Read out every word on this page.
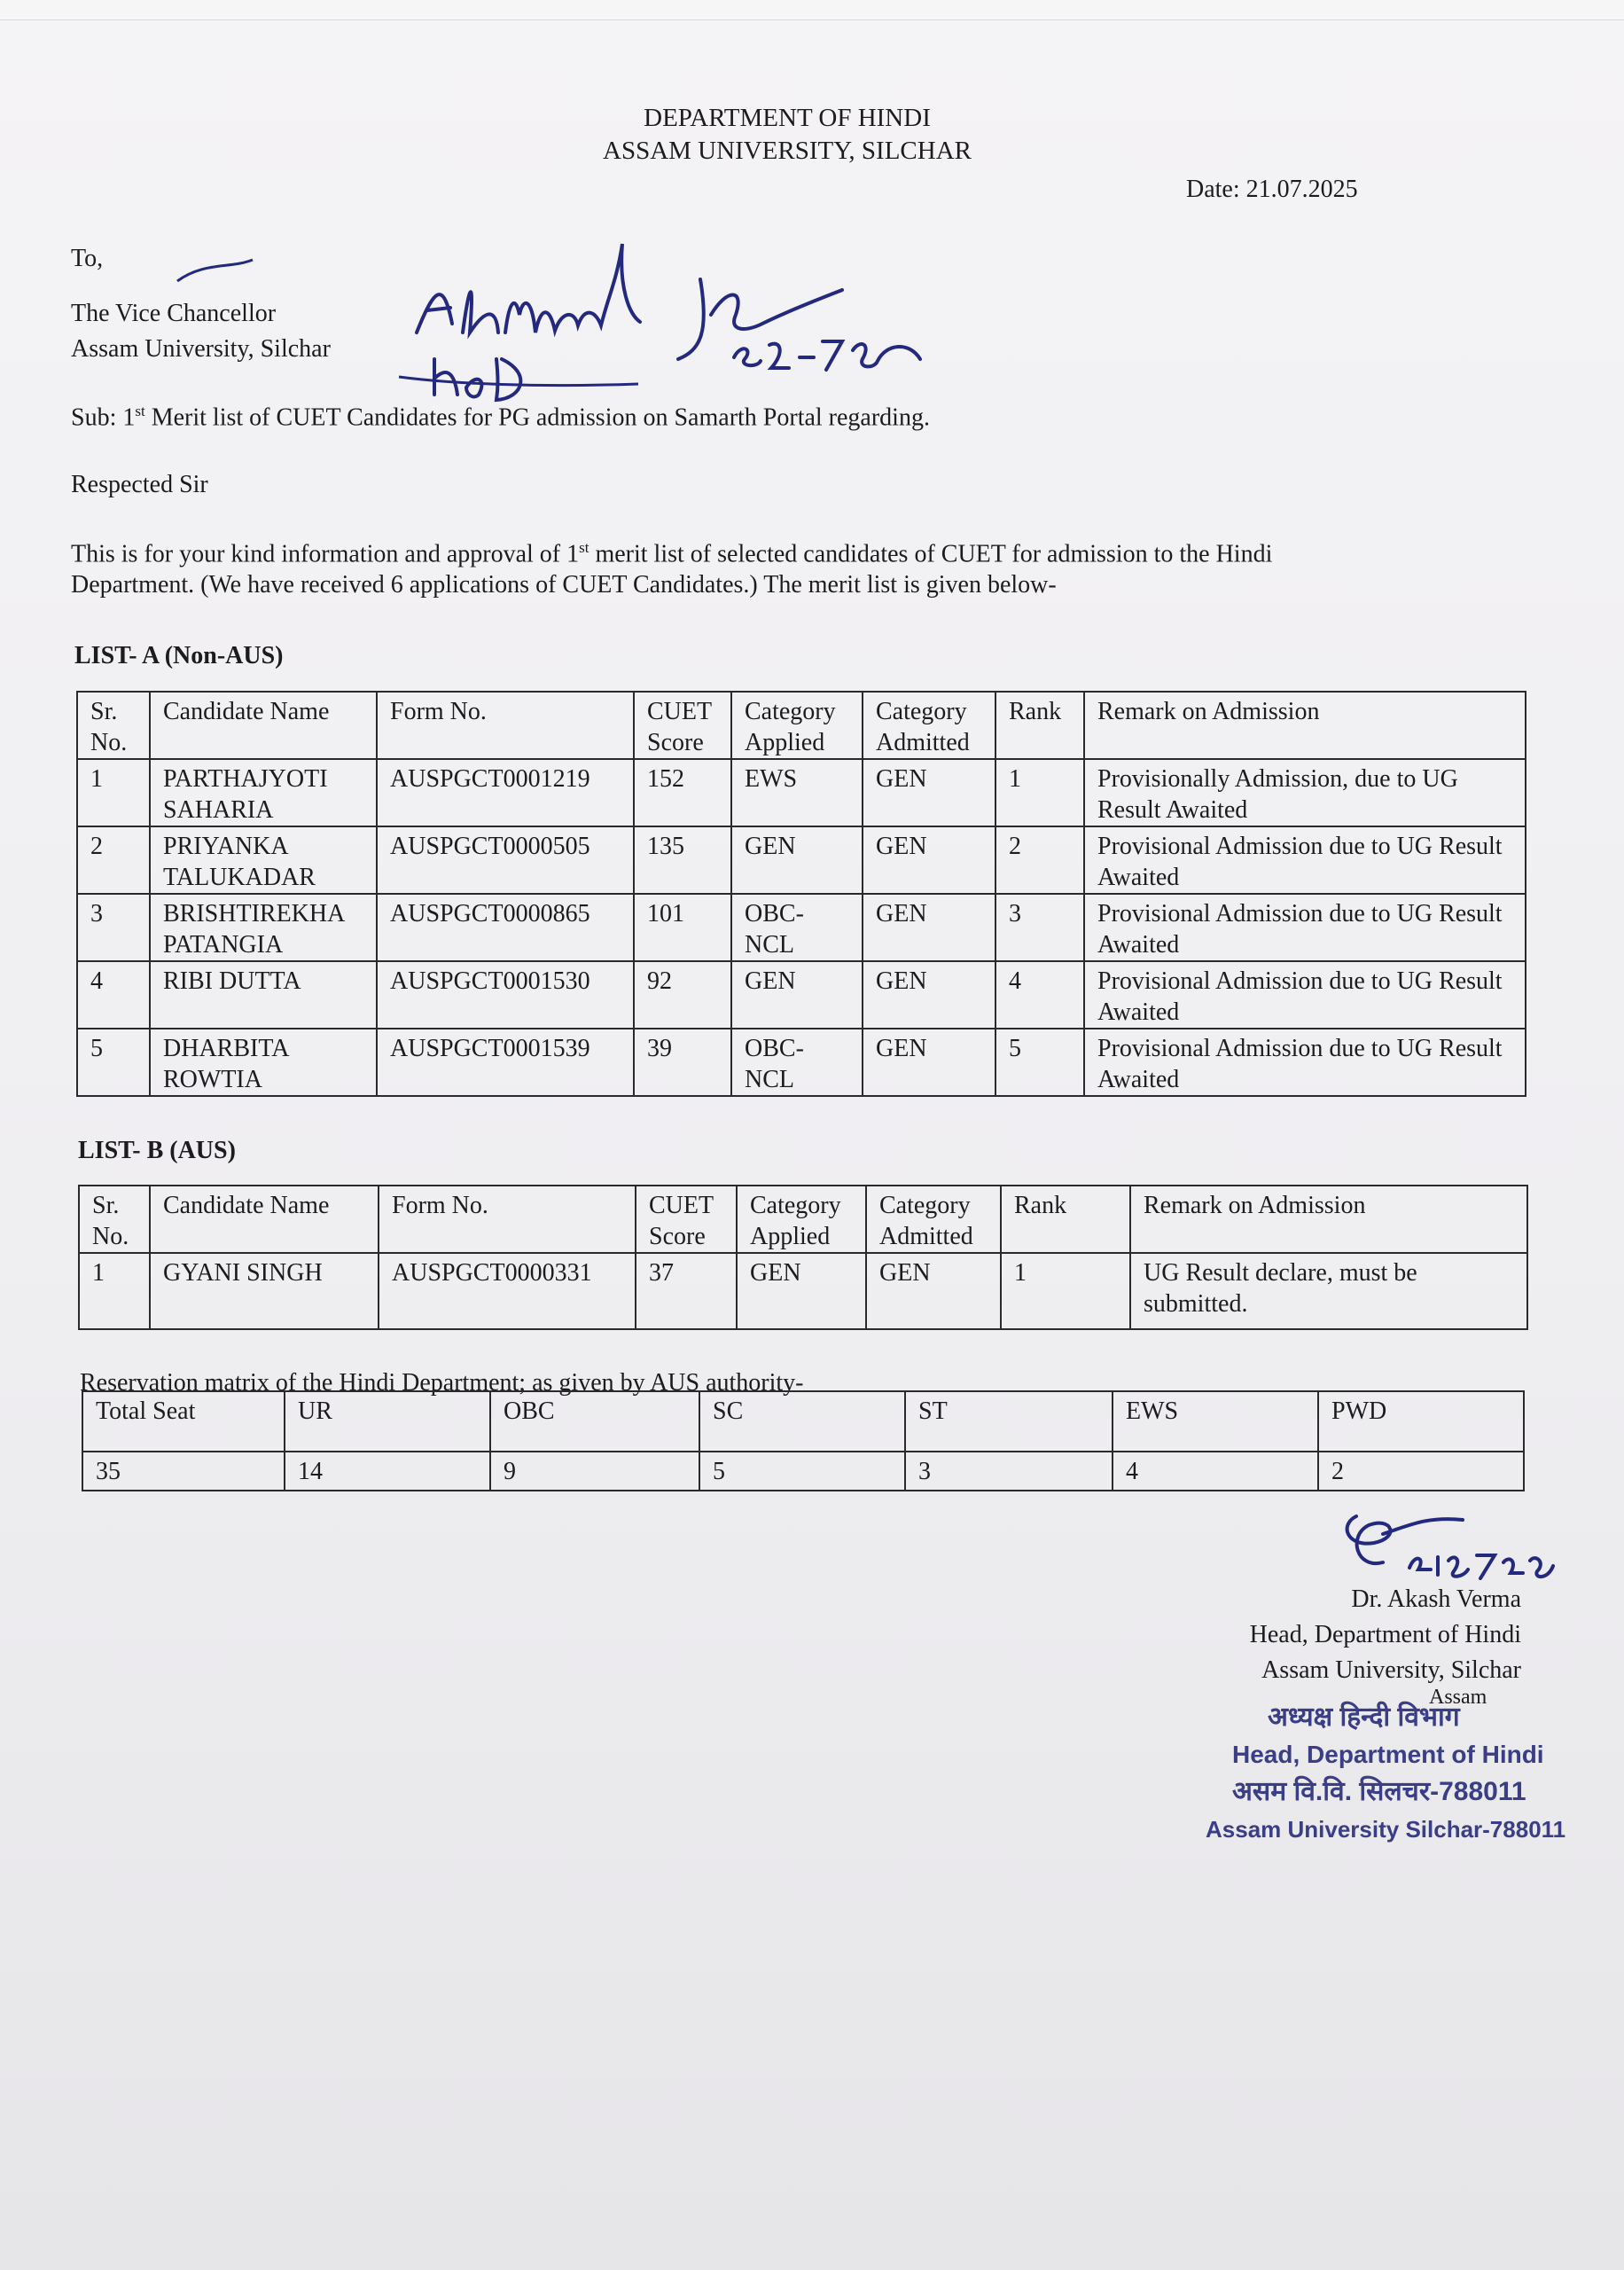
DEPARTMENT OF HINDI
ASSAM UNIVERSITY, SILCHAR
Date: 21.07.2025
To,
The Vice Chancellor
Assam University, Silchar
Sub: 1st Merit list of CUET Candidates for PG admission on Samarth Portal regarding.
Respected Sir
This is for your kind information and approval of 1st merit list of selected candidates of CUET for admission to the Hindi
Department. (We have received 6 applications of CUET Candidates.) The merit list is given below-
LIST- A (Non-AUS)
Sr. No.	Candidate Name	Form No.	CUET Score	Category Applied	Category Admitted	Rank	Remark on Admission
1	PARTHAJYOTI SAHARIA	AUSPGCT0001219	152	EWS	GEN	1	Provisionally Admission, due to UG Result Awaited
2	PRIYANKA TALUKADAR	AUSPGCT0000505	135	GEN	GEN	2	Provisional Admission due to UG Result Awaited
3	BRISHTIREKHA PATANGIA	AUSPGCT0000865	101	OBC-NCL	GEN	3	Provisional Admission due to UG Result Awaited
4	RIBI DUTTA	AUSPGCT0001530	92	GEN	GEN	4	Provisional Admission due to UG Result Awaited
5	DHARBITA ROWTIA	AUSPGCT0001539	39	OBC-NCL	GEN	5	Provisional Admission due to UG Result Awaited
LIST- B (AUS)
Sr. No.	Candidate Name	Form No.	CUET Score	Category Applied	Category Admitted	Rank	Remark on Admission
1	GYANI SINGH	AUSPGCT0000331	37	GEN	GEN	1	UG Result declare, must be submitted.
Reservation matrix of the Hindi Department; as given by AUS authority-
Total Seat	UR	OBC	SC	ST	EWS	PWD
35	14	9	5	3	4	2
Dr. Akash Verma
Head, Department of Hindi
Assam University, Silchar
Assam
अध्यक्ष हिन्दी विभाग
Head, Department of Hindi
असम वि.वि. सिलचर-788011
Assam University Silchar-788011
